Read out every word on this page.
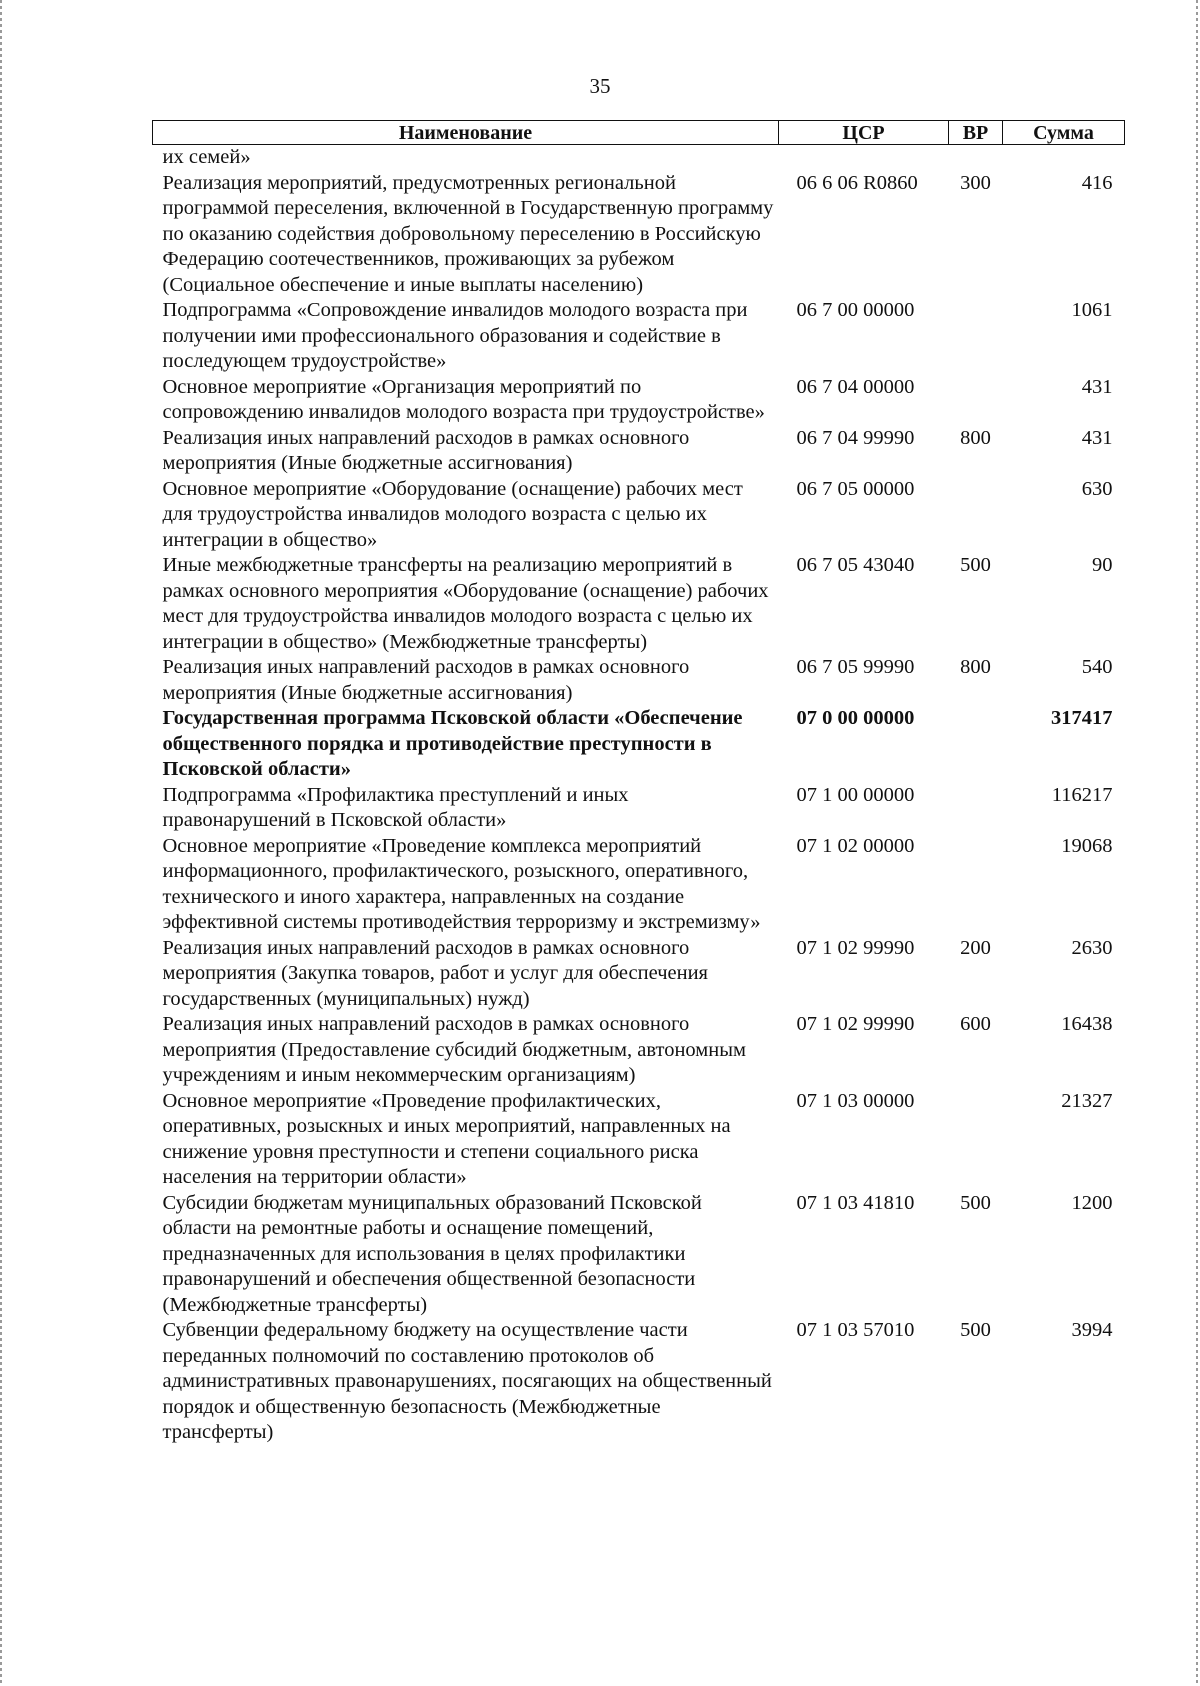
35
Наименование	ЦСР	ВР	Сумма
их семей»			
Реализация мероприятий, предусмотренных региональной программой переселения, включенной в Государственную программу по оказанию содействия добровольному переселению в Российскую Федерацию соотечественников, проживающих за рубежом (Социальное обеспечение и иные выплаты населению)	06 6 06 R0860	300	416
Подпрограмма «Сопровождение инвалидов молодого возраста при получении ими профессионального образования и содействие в последующем трудоустройстве»	06 7 00 00000		1061
Основное мероприятие «Организация мероприятий по сопровождению инвалидов молодого возраста при трудоустройстве»	06 7 04 00000		431
Реализация иных направлений расходов в рамках основного мероприятия (Иные бюджетные ассигнования)	06 7 04 99990	800	431
Основное мероприятие «Оборудование (оснащение) рабочих мест для трудоустройства инвалидов молодого возраста с целью их интеграции в общество»	06 7 05 00000		630
Иные межбюджетные трансферты на реализацию мероприятий в рамках основного мероприятия «Оборудование (оснащение) рабочих мест для трудоустройства инвалидов молодого возраста с целью их интеграции в общество» (Межбюджетные трансферты)	06 7 05 43040	500	90
Реализация иных направлений расходов в рамках основного мероприятия (Иные бюджетные ассигнования)	06 7 05 99990	800	540
Государственная программа Псковской области «Обеспечение общественного порядка и противодействие преступности в Псковской области»	07 0 00 00000		317417
Подпрограмма «Профилактика преступлений и иных правонарушений в Псковской области»	07 1 00 00000		116217
Основное мероприятие «Проведение комплекса мероприятий информационного, профилактического, розыскного, оперативного, технического и иного характера, направленных на создание эффективной системы противодействия терроризму и экстремизму»	07 1 02 00000		19068
Реализация иных направлений расходов в рамках основного мероприятия (Закупка товаров, работ и услуг для обеспечения государственных (муниципальных) нужд)	07 1 02 99990	200	2630
Реализация иных направлений расходов в рамках основного мероприятия (Предоставление субсидий бюджетным, автономным учреждениям и иным некоммерческим организациям)	07 1 02 99990	600	16438
Основное мероприятие «Проведение профилактических, оперативных, розыскных и иных мероприятий, направленных на снижение уровня преступности и степени социального риска населения на территории области»	07 1 03 00000		21327
Субсидии бюджетам муниципальных образований Псковской области на ремонтные работы и оснащение помещений, предназначенных для использования в целях профилактики правонарушений и обеспечения общественной безопасности (Межбюджетные трансферты)	07 1 03 41810	500	1200
Субвенции федеральному бюджету на осуществление части переданных полномочий по составлению протоколов об административных правонарушениях, посягающих на общественный порядок и общественную безопасность (Межбюджетные трансферты)	07 1 03 57010	500	3994
